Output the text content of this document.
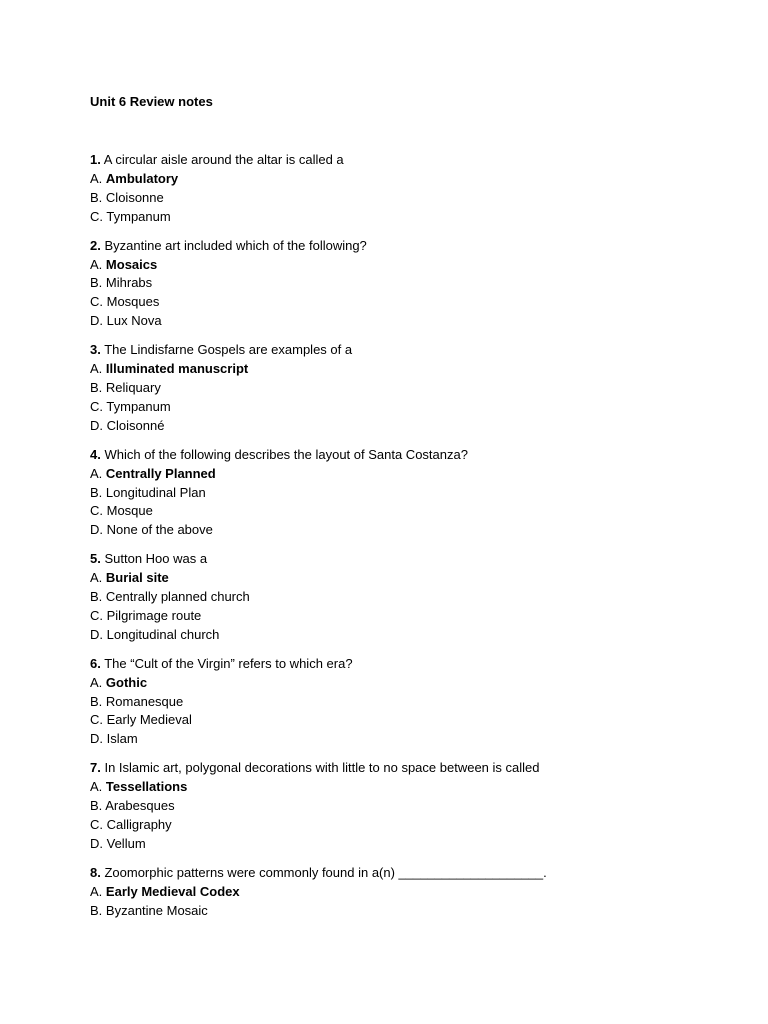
Unit 6 Review notes
1. A circular aisle around the altar is called a
A. Ambulatory
B. Cloisonne
C. Tympanum
2. Byzantine art included which of the following?
A. Mosaics
B. Mihrabs
C. Mosques
D. Lux Nova
3. The Lindisfarne Gospels are examples of a
A. Illuminated manuscript
B. Reliquary
C. Tympanum
D. Cloisonné
4. Which of the following describes the layout of Santa Costanza?
A. Centrally Planned
B. Longitudinal Plan
C. Mosque
D. None of the above
5. Sutton Hoo was a
A. Burial site
B. Centrally planned church
C. Pilgrimage route
D. Longitudinal church
6. The “Cult of the Virgin” refers to which era?
A. Gothic
B. Romanesque
C. Early Medieval
D. Islam
7. In Islamic art, polygonal decorations with little to no space between is called
A. Tessellations
B. Arabesques
C. Calligraphy
D. Vellum
8. Zoomorphic patterns were commonly found in a(n) ____________________.
A. Early Medieval Codex
B. Byzantine Mosaic
